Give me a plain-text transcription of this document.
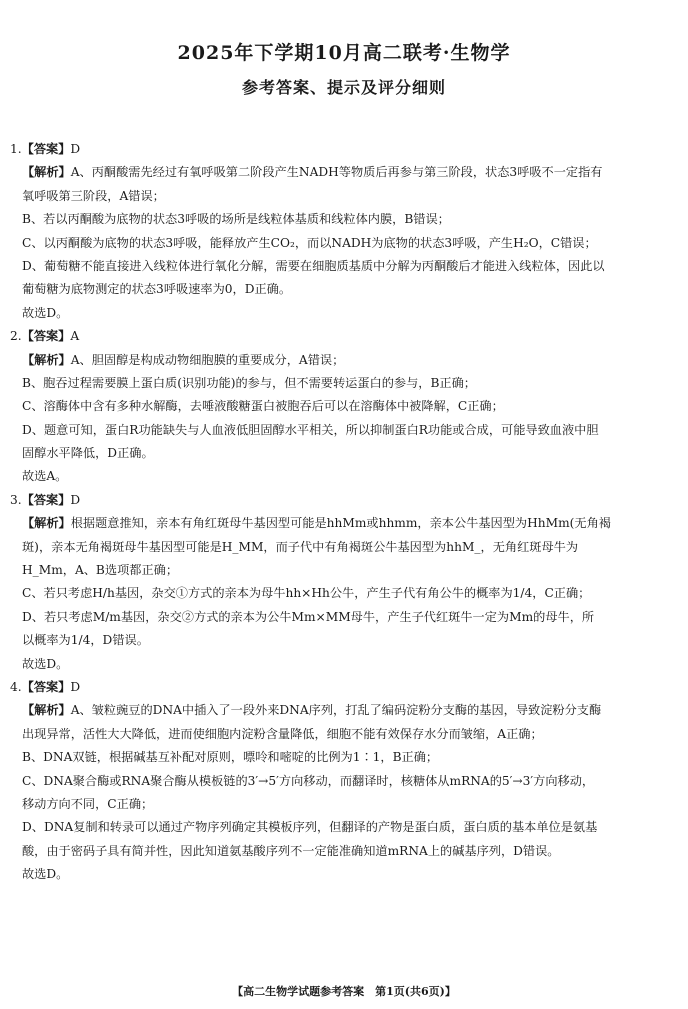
2025年下学期10月高二联考·生物学
参考答案、提示及评分细则
1.【答案】D
【解析】A、丙酮酸需先经过有氧呼吸第二阶段产生NADH等物质后再参与第三阶段，状态3呼吸不一定指有
氧呼吸第三阶段，A错误；
B、若以丙酮酸为底物的状态3呼吸的场所是线粒体基质和线粒体内膜，B错误；
C、以丙酮酸为底物的状态3呼吸，能释放产生CO₂，而以NADH为底物的状态3呼吸，产生H₂O，C错误；
D、葡萄糖不能直接进入线粒体进行氧化分解，需要在细胞质基质中分解为丙酮酸后才能进入线粒体，因此以
葡萄糖为底物测定的状态3呼吸速率为0，D正确。
故选D。
2.【答案】A
【解析】A、胆固醇是构成动物细胞膜的重要成分，A错误；
B、胞吞过程需要膜上蛋白质(识别功能)的参与，但不需要转运蛋白的参与，B正确；
C、溶酶体中含有多种水解酶，去唾液酸糖蛋白被胞吞后可以在溶酶体中被降解，C正确；
D、题意可知，蛋白R功能缺失与人血液低胆固醇水平相关，所以抑制蛋白R功能或合成，可能导致血液中胆
固醇水平降低，D正确。
故选A。
3.【答案】D
【解析】根据题意推知，亲本有角红斑母牛基因型可能是hhMm或hhmm，亲本公牛基因型为HhMm(无角褐
斑)，亲本无角褐斑母牛基因型可能是H_MM，而子代中有角褐斑公牛基因型为hhM_，无角红斑母牛为
H_Mm，A、B选项都正确；
C、若只考虑H/h基因，杂交①方式的亲本为母牛hh×Hh公牛，产生子代有角公牛的概率为1/4，C正确；
D、若只考虑M/m基因，杂交②方式的亲本为公牛Mm×MM母牛，产生子代红斑牛一定为Mm的母牛，所
以概率为1/4，D错误。
故选D。
4.【答案】D
【解析】A、皱粒豌豆的DNA中插入了一段外来DNA序列，打乱了编码淀粉分支酶的基因，导致淀粉分支酶
出现异常，活性大大降低，进而使细胞内淀粉含量降低，细胞不能有效保存水分而皱缩，A正确；
B、DNA双链，根据碱基互补配对原则，嘌呤和嘧啶的比例为1∶1，B正确；
C、DNA聚合酶或RNA聚合酶从模板链的3′→5′方向移动，而翻译时，核糖体从mRNA的5′→3′方向移动，
移动方向不同，C正确；
D、DNA复制和转录可以通过产物序列确定其模板序列，但翻译的产物是蛋白质，蛋白质的基本单位是氨基
酸，由于密码子具有简并性，因此知道氨基酸序列不一定能准确知道mRNA上的碱基序列，D错误。
故选D。
【高二生物学试题参考答案　第1页(共6页)】
